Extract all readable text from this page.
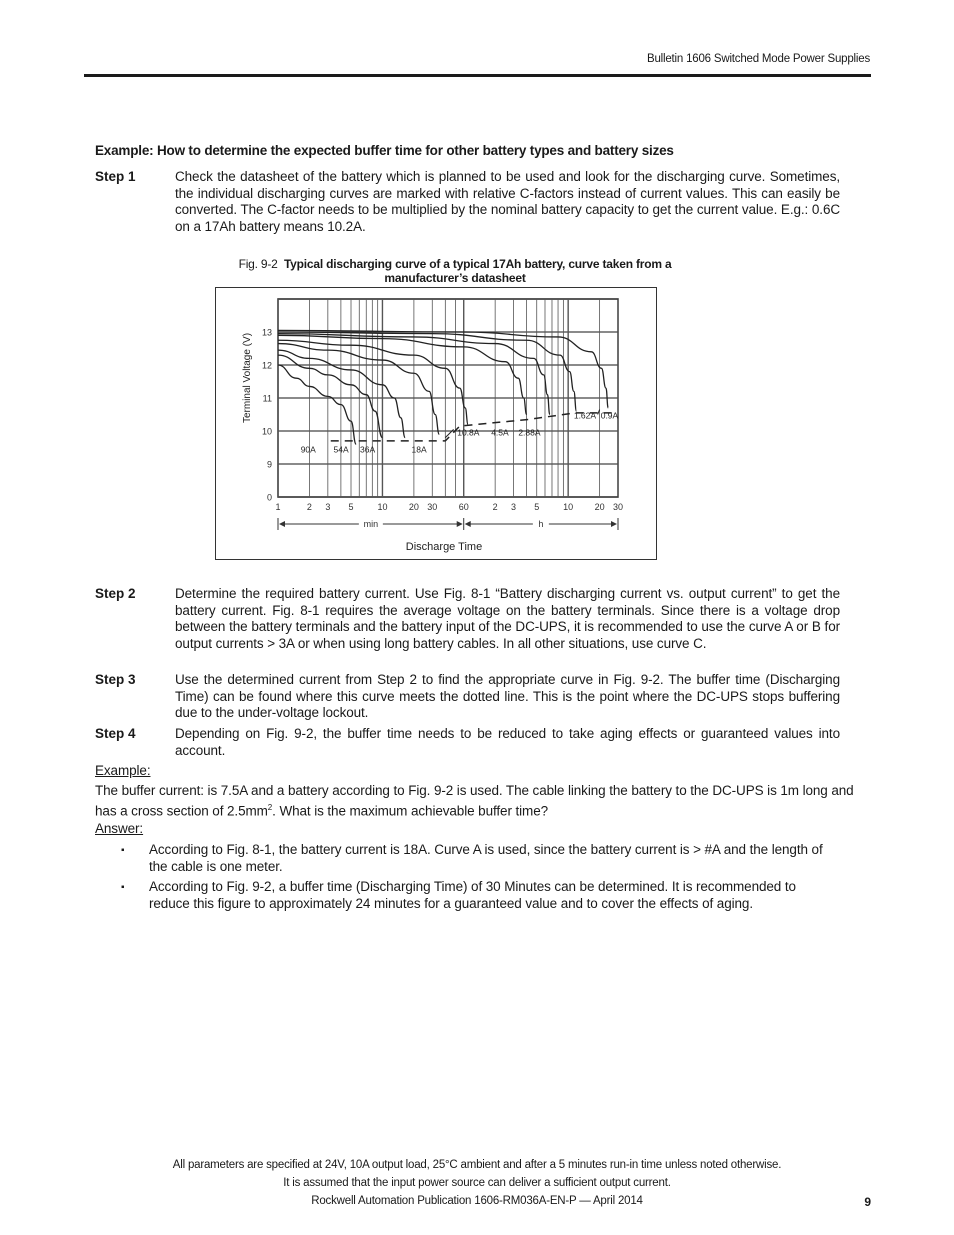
Bulletin 1606 Switched Mode Power Supplies
Example: How to determine the expected buffer time for other battery types and battery sizes
Step 1	Check the datasheet of the battery which is planned to be used and look for the discharging curve. Sometimes, the individual discharging curves are marked with relative C-factors instead of current values. This can easily be converted. The C-factor needs to be multiplied by the nominal battery capacity to get the current value. E.g.: 0.6C on a 17Ah battery means 10.2A.
Fig. 9-2 Typical discharging curve of a typical 17Ah battery, curve taken from a
manufacturer’s datasheet
0
9
10
11
12
13
1	2 3 5	10 20 30 60	2 3 5	10 20 30
min	h
Discharge Time
Terminal Voltage (V)
90A 54A 36A	18A
10.8A 4.5A 2.88A
1.62A 0.9A
Step 2	Determine the required battery current. Use Fig. 8-1 “Battery discharging current vs. output current” to get the battery current. Fig. 8-1 requires the average voltage on the battery terminals. Since there is a voltage drop between the battery terminals and the battery input of the DC-UPS, it is recommended to use the curve A or B for output currents > 3A or when using long battery cables. In all other situations, use curve C.
Step 3	Use the determined current from Step 2 to find the appropriate curve in Fig. 9-2. The buffer time (Discharging Time) can be found where this curve meets the dotted line. This is the point where the DC-UPS stops buffering due to the under-voltage lockout.
Step 4	Depending on Fig. 9-2, the buffer time needs to be reduced to take aging effects or guaranteed values into account.
Example:
The buffer current: is 7.5A and a battery according to Fig. 9-2 is used. The cable linking the battery to the DC-UPS is 1m long and has a cross section of $2.5mm^2$. What is the maximum achievable buffer time?
Answer:
▪ According to Fig. 8-1, the battery current is 18A. Curve A is used, since the battery current is > #A and the length of the cable is one meter.
▪ According to Fig. 9-2, a buffer time (Discharging Time) of 30 Minutes can be determined. It is recommended to reduce this figure to approximately 24 minutes for a guaranteed value and to cover the effects of aging.
All parameters are specified at 24V, 10A output load, 25°C ambient and after a 5 minutes run-in time unless noted otherwise.
It is assumed that the input power source can deliver a sufficient output current.
Rockwell Automation Publication 1606-RM036A-EN-P — April 2014	9
